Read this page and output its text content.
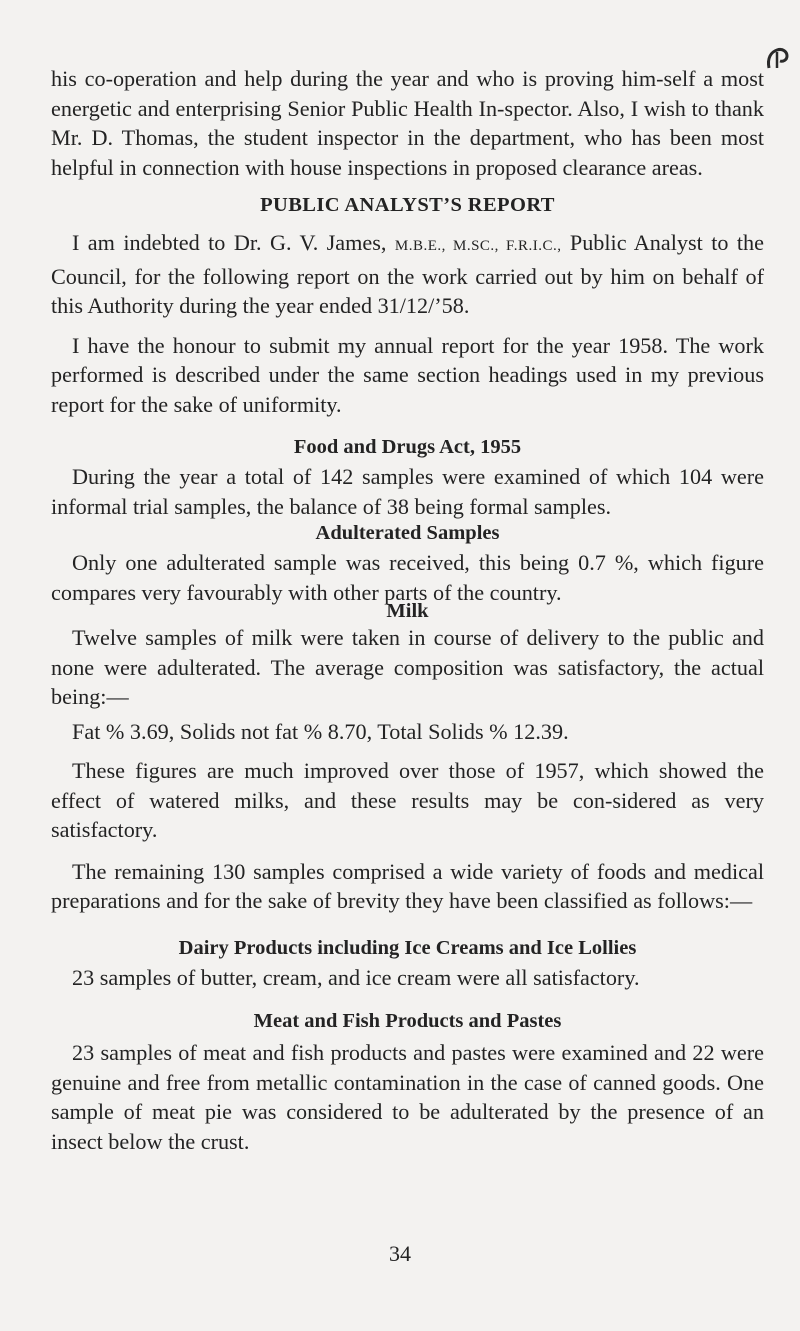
his co-operation and help during the year and who is proving him-self a most energetic and enterprising Senior Public Health In-spector. Also, I wish to thank Mr. D. Thomas, the student inspector in the department, who has been most helpful in connection with house inspections in proposed clearance areas.

PUBLIC ANALYST’S REPORT

I am indebted to Dr. G. V. James, M.B.E., M.SC., F.R.I.C., Public Analyst to the Council, for the following report on the work carried out by him on behalf of this Authority during the year ended 31/12/’58.

I have the honour to submit my annual report for the year 1958. The work performed is described under the same section headings used in my previous report for the sake of uniformity.

Food and Drugs Act, 1955

During the year a total of 142 samples were examined of which 104 were informal trial samples, the balance of 38 being formal samples.

Adulterated Samples

Only one adulterated sample was received, this being 0.7 %, which figure compares very favourably with other parts of the country.

Milk

Twelve samples of milk were taken in course of delivery to the public and none were adulterated. The average composition was satisfactory, the actual being:—

Fat % 3.69, Solids not fat % 8.70, Total Solids % 12.39.

These figures are much improved over those of 1957, which showed the effect of watered milks, and these results may be con-sidered as very satisfactory.

The remaining 130 samples comprised a wide variety of foods and medical preparations and for the sake of brevity they have been classified as follows:—

Dairy Products including Ice Creams and Ice Lollies

23 samples of butter, cream, and ice cream were all satisfactory.

Meat and Fish Products and Pastes

23 samples of meat and fish products and pastes were examined and 22 were genuine and free from metallic contamination in the case of canned goods. One sample of meat pie was considered to be adulterated by the presence of an insect below the crust.

34
